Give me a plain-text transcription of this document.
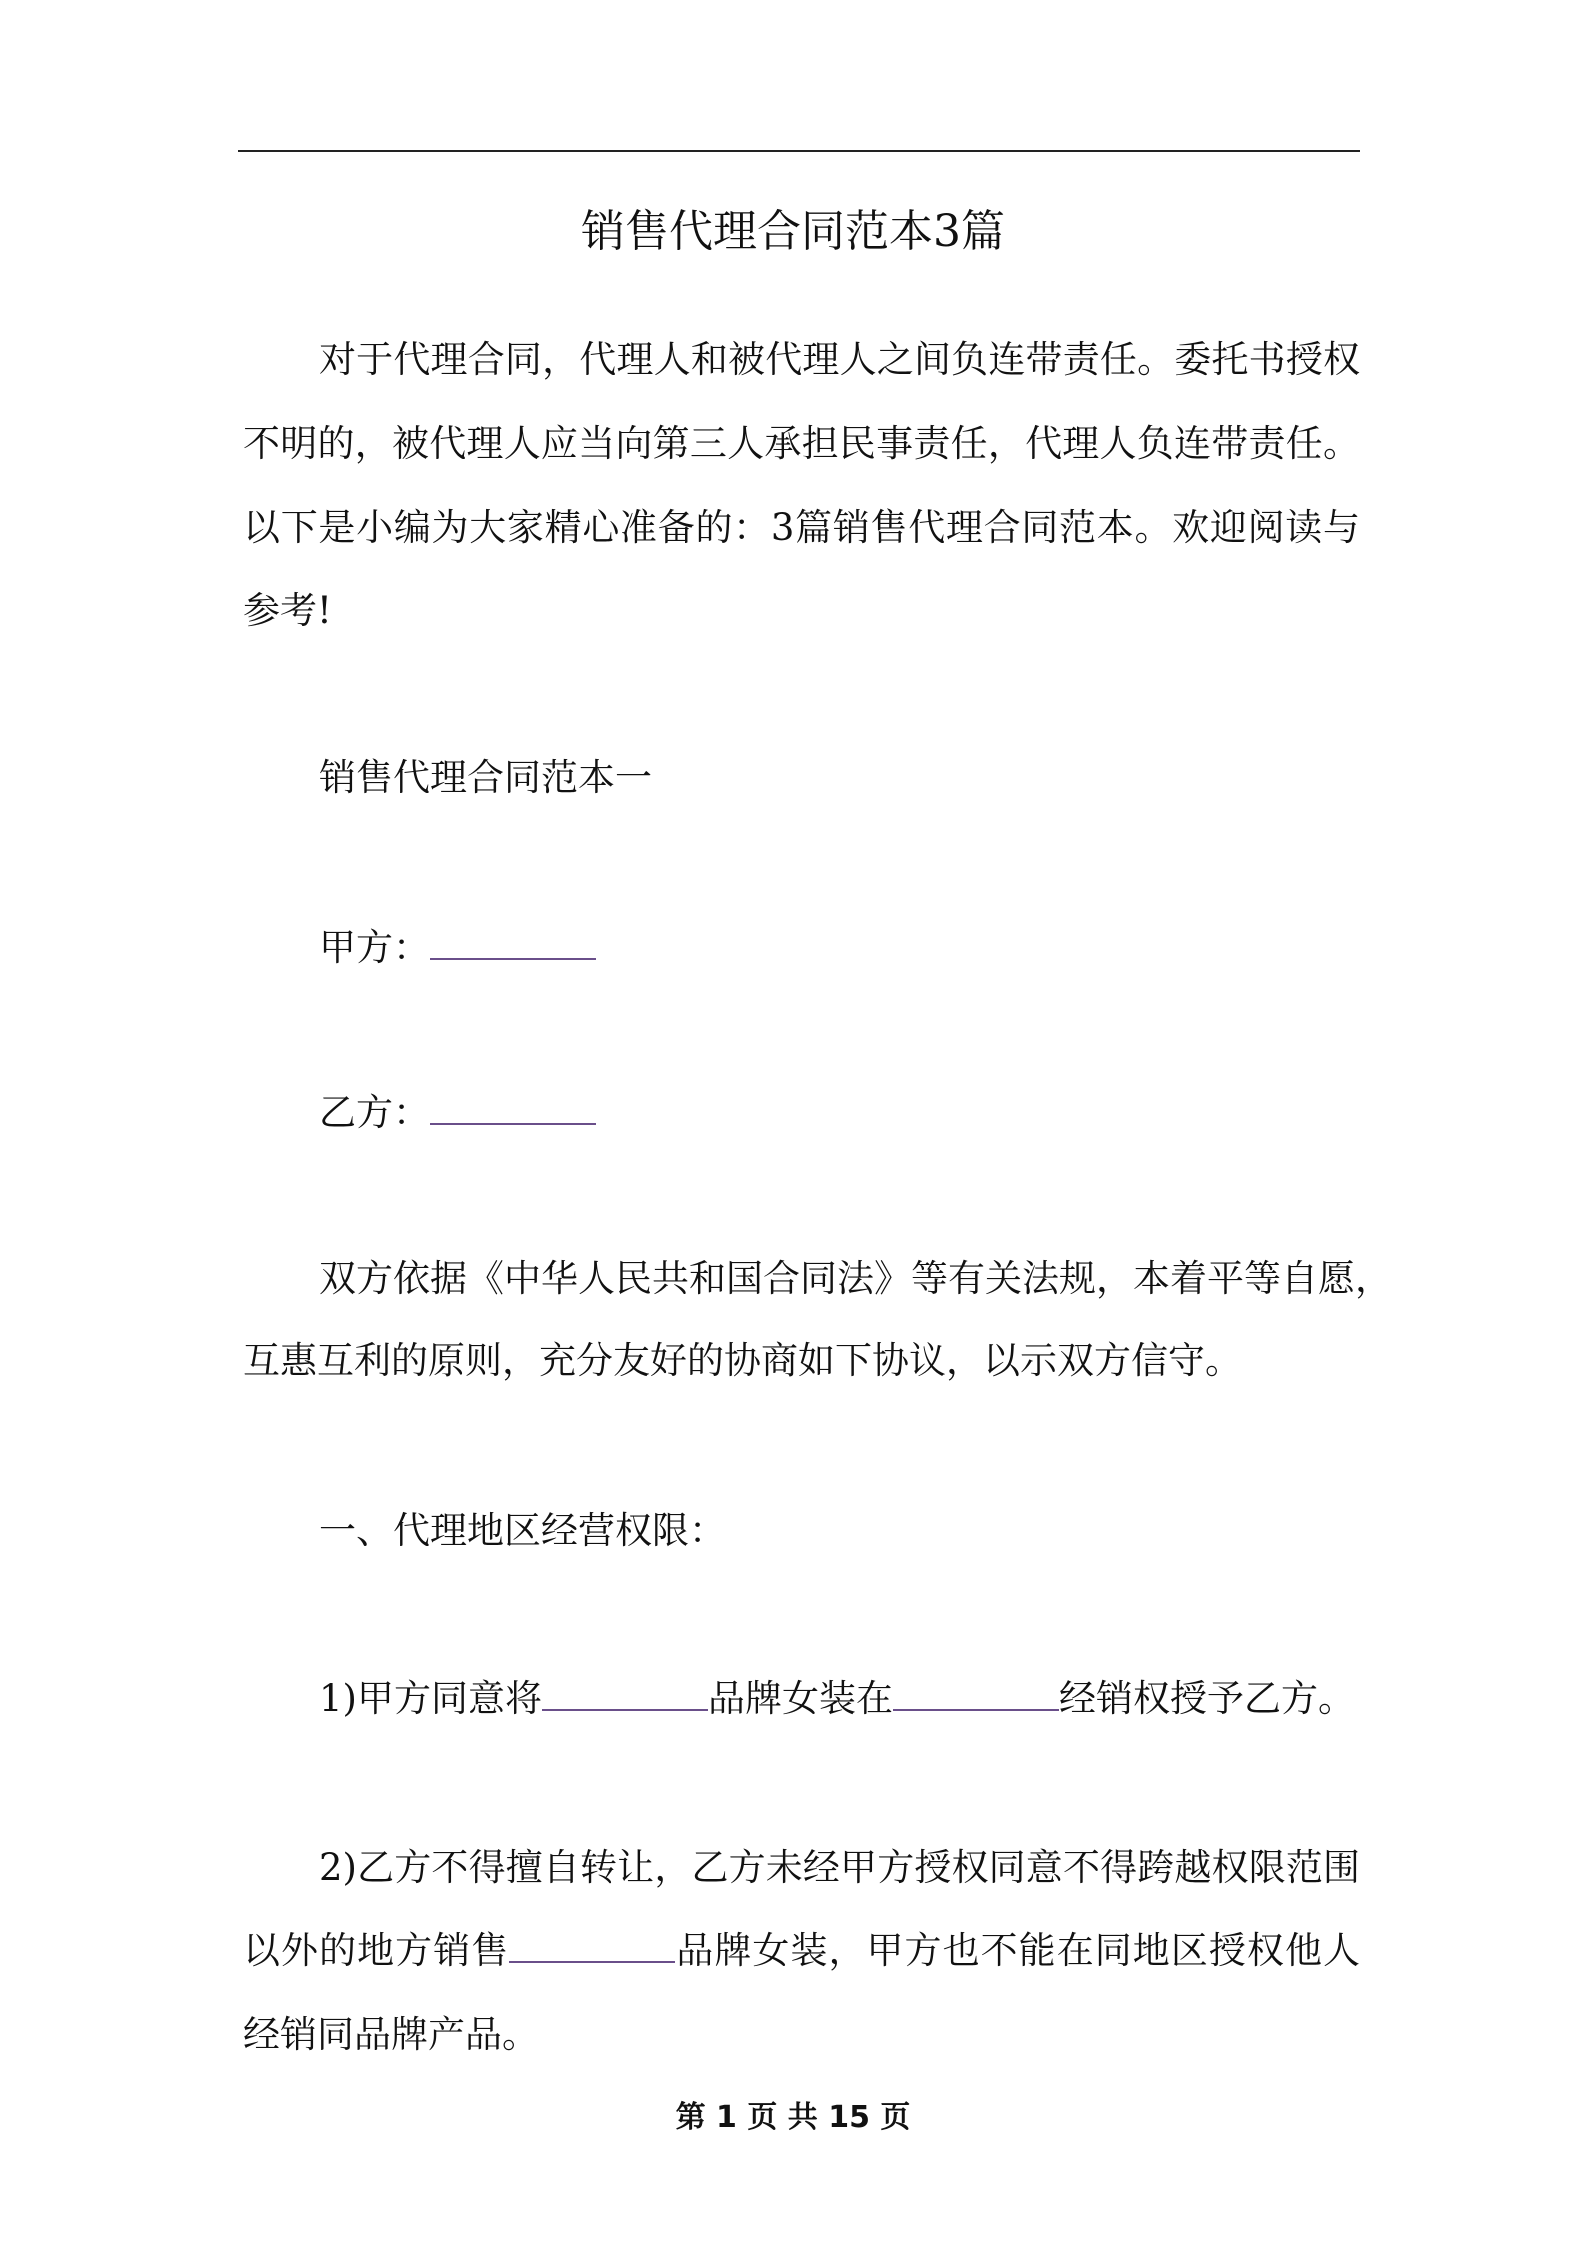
销售代理合同范本3篇
对于代理合同，代理人和被代理人之间负连带责任。委托书授权
不明的，被代理人应当向第三人承担民事责任，代理人负连带责任。
以下是小编为大家精心准备的：3篇销售代理合同范本。欢迎阅读与
参考!
销售代理合同范本一
甲方：
乙方：
双方依据《中华人民共和国合同法》等有关法规，本着平等自愿，
互惠互利的原则，充分友好的协商如下协议，以示双方信守。
一、代理地区经营权限：
1)甲方同意将	品牌女装在	经销权授予乙方。
2)乙方不得擅自转让，乙方未经甲方授权同意不得跨越权限范围
以外的地方销售	品牌女装，甲方也不能在同地区授权他人
经销同品牌产品。
第 1 页 共 15 页
